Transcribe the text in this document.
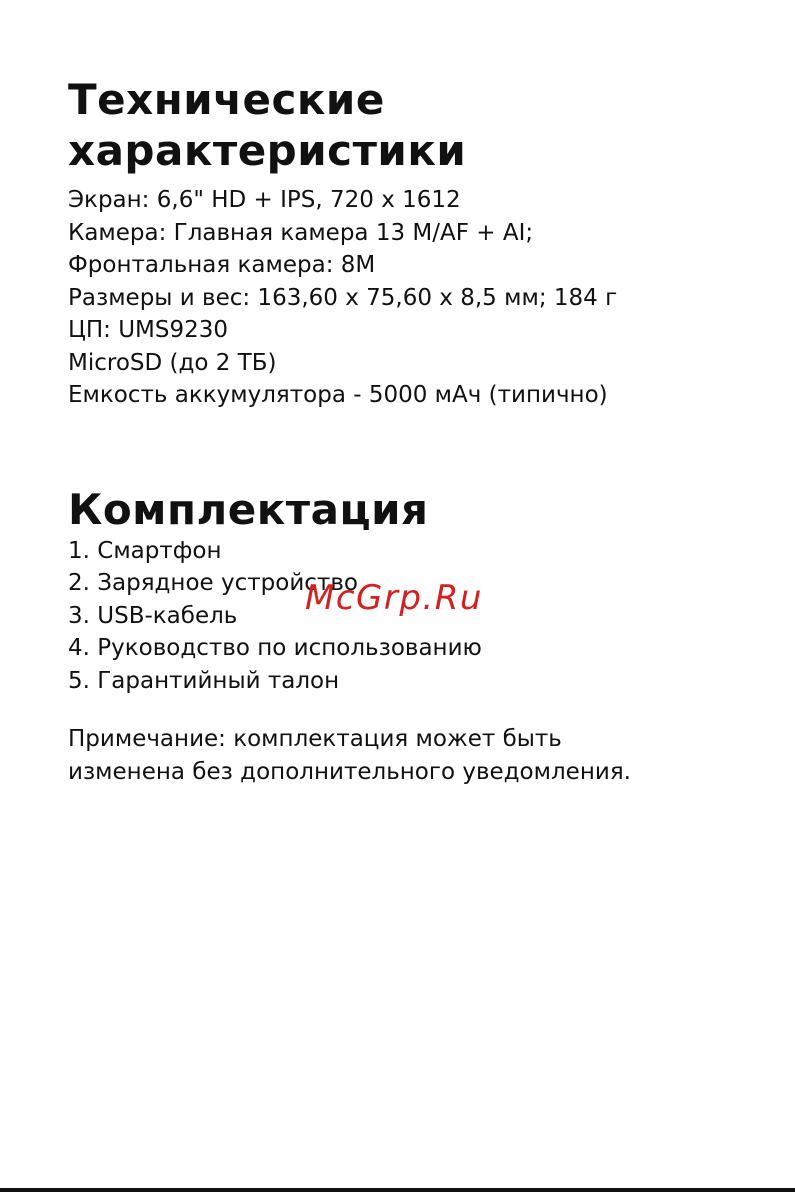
Технические
характеристики
Экран: 6,6" HD + IPS, 720 x 1612
Камера: Главная камера 13 М/AF + AI;
Фронтальная камера: 8M
Размеры и вес: 163,60 x 75,60 x 8,5 мм; 184 г
ЦП: UMS9230
MicroSD (до 2 ТБ)
Емкость аккумулятора - 5000 мАч (типично)
Комплектация
1. Смартфон
2. Зарядное устройство
3. USB-кабель
4. Руководство по использованию
5. Гарантийный талон

Примечание: комплектация может быть
изменена без дополнительного уведомления.

McGrp.Ru
